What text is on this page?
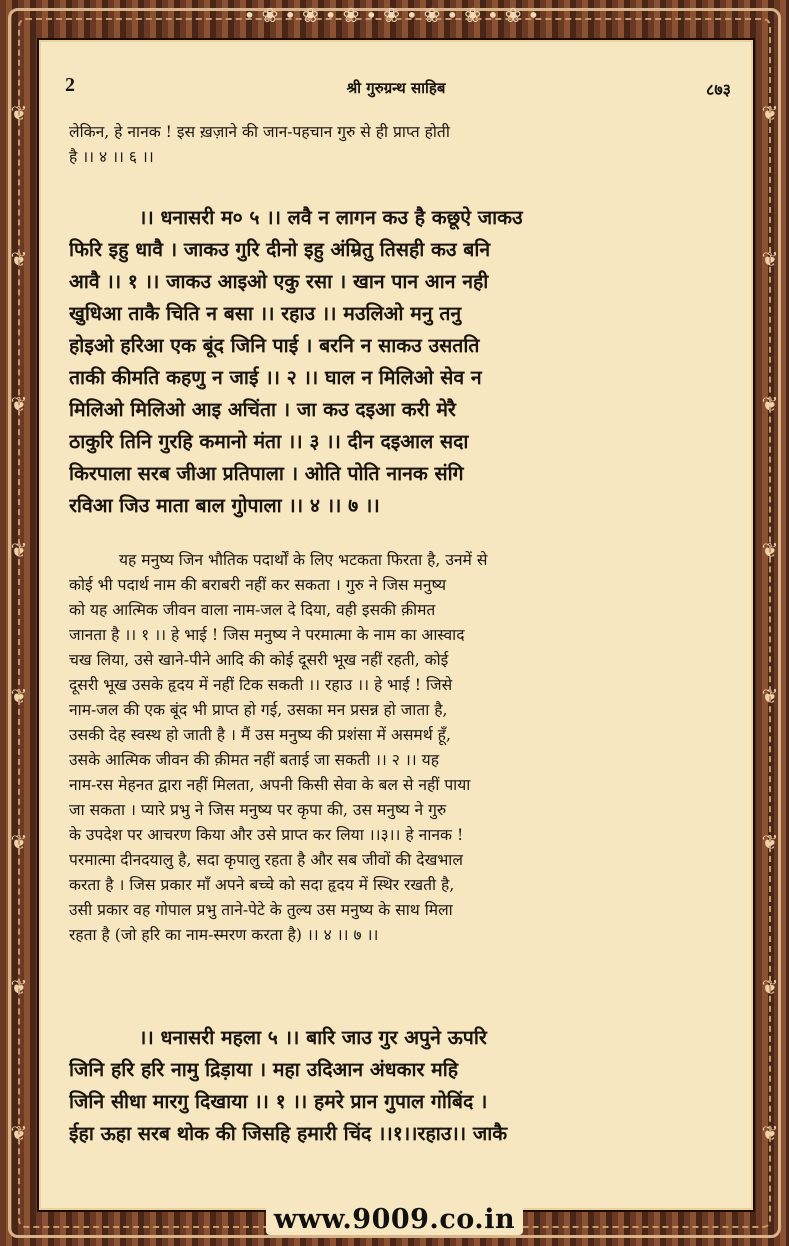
•❀•❀•❀•❀•❀•❀•❀•
❦
❦
❦
❦
❦
❦
❦
❦
❦
❦
❦
❦
❦
❦
❦
❦
2	श्री गुरुग्रन्थ साहिब	८७३
लेकिन, हे नानक ! इस ख़ज़ाने की जान-पहचान गुरु से ही प्राप्त होती
है ।। ४ ।। ६ ।।
।। धनासरी म० ५ ।। लवै न लागन कउ है कछूऐ जाकउ
फिरि इहु धावै । जाकउ गुरि दीनो इहु अंम्रितु तिसही कउ बनि
आवै ।। १ ।। जाकउ आइओ एकु रसा । खान पान आन नही
खुधिआ ताकै चिति न बसा ।। रहाउ ।। मउलिओ मनु तनु
होइओ हरिआ एक बूंद जिनि पाई । बरनि न साकउ उसतति
ताकी कीमति कहणु न जाई ।। २ ।। घाल न मिलिओ सेव न
मिलिओ मिलिओ आइ अचिंता । जा कउ दइआ करी मेरै
ठाकुरि तिनि गुरहि कमानो मंता ।। ३ ।। दीन दइआल सदा
किरपाला सरब जीआ प्रतिपाला । ओति पोति नानक संगि
रविआ जिउ माता बाल गुोपाला ।। ४ ।। ७ ।।
यह मनुष्य जिन भौतिक पदार्थों के लिए भटकता फिरता है, उनमें से
कोई भी पदार्थ नाम की बराबरी नहीं कर सकता । गुरु ने जिस मनुष्य
को यह आत्मिक जीवन वाला नाम-जल दे दिया, वही इसकी क़ीमत
जानता है ।। १ ।। हे भाई ! जिस मनुष्य ने परमात्मा के नाम का आस्वाद
चख लिया, उसे खाने-पीने आदि की कोई दूसरी भूख नहीं रहती, कोई
दूसरी भूख उसके हृदय में नहीं टिक सकती ।। रहाउ ।। हे भाई ! जिसे
नाम-जल की एक बूंद भी प्राप्त हो गई, उसका मन प्रसन्न हो जाता है,
उसकी देह स्वस्थ हो जाती है । मैं उस मनुष्य की प्रशंसा में असमर्थ हूँ,
उसके आत्मिक जीवन की क़ीमत नहीं बताई जा सकती ।। २ ।। यह
नाम-रस मेहनत द्वारा नहीं मिलता, अपनी किसी सेवा के बल से नहीं पाया
जा सकता । प्यारे प्रभु ने जिस मनुष्य पर कृपा की, उस मनुष्य ने गुरु
के उपदेश पर आचरण किया और उसे प्राप्त कर लिया ।।३।। हे नानक !
परमात्मा दीनदयालु है, सदा कृपालु रहता है और सब जीवों की देखभाल
करता है । जिस प्रकार माँ अपने बच्चे को सदा हृदय में स्थिर रखती है,
उसी प्रकार वह गोपाल प्रभु ताने-पेटे के तुल्य उस मनुष्य के साथ मिला
रहता है (जो हरि का नाम-स्मरण करता है) ।। ४ ।। ७ ।।
।। धनासरी महला ५ ।। बारि जाउ गुर अपुने ऊपरि
जिनि हरि हरि नामु द्रिड़ाया । महा उदिआन अंधकार महि
जिनि सीधा मारगु दिखाया ।। १ ।। हमरे प्रान गुपाल गोबिंद ।
ईहा ऊहा सरब थोक की जिसहि हमारी चिंद ।।१।।रहाउ।। जाकै
www.9009.co.in
